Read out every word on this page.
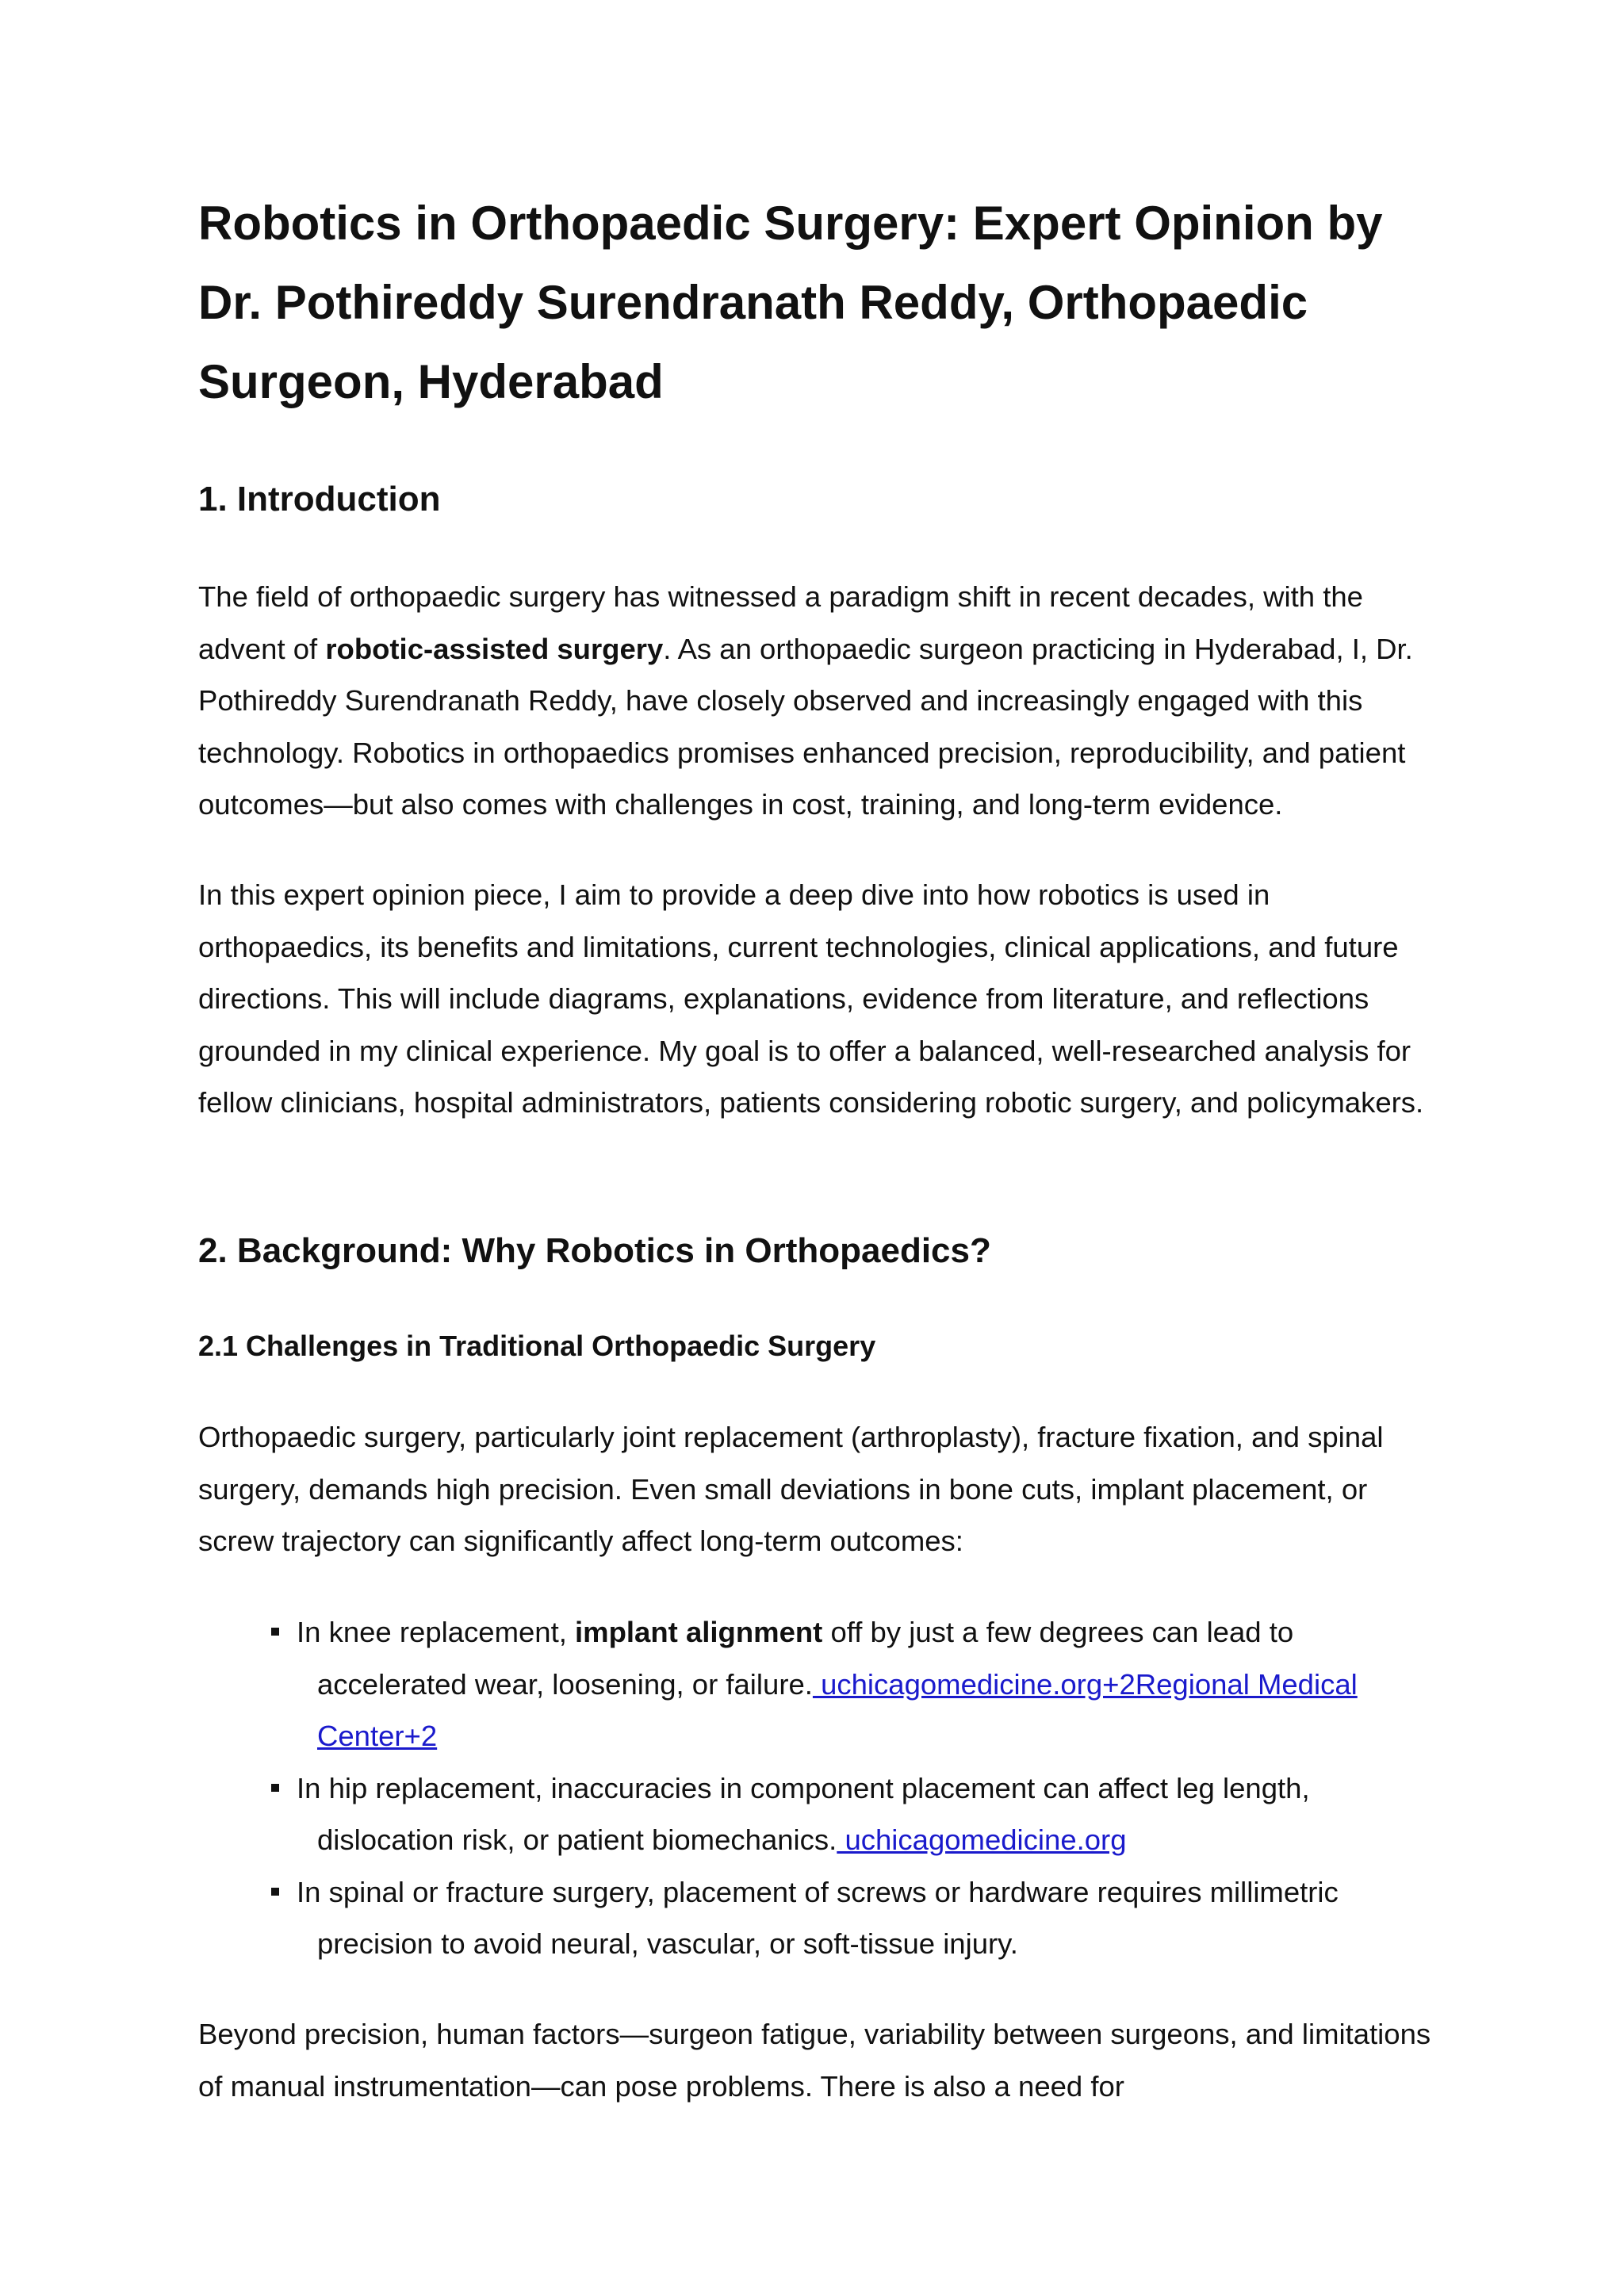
Robotics in Orthopaedic Surgery: Expert Opinion by Dr. Pothireddy Surendranath Reddy, Orthopaedic Surgeon, Hyderabad
1. Introduction

The field of orthopaedic surgery has witnessed a paradigm shift in recent decades, with the advent of robotic-assisted surgery. As an orthopaedic surgeon practicing in Hyderabad, I, Dr. Pothireddy Surendranath Reddy, have closely observed and increasingly engaged with this technology. Robotics in orthopaedics promises enhanced precision, reproducibility, and patient outcomes—but also comes with challenges in cost, training, and long-term evidence.

In this expert opinion piece, I aim to provide a deep dive into how robotics is used in orthopaedics, its benefits and limitations, current technologies, clinical applications, and future directions. This will include diagrams, explanations, evidence from literature, and reflections grounded in my clinical experience. My goal is to offer a balanced, well-researched analysis for fellow clinicians, hospital administrators, patients considering robotic surgery, and policymakers.

2. Background: Why Robotics in Orthopaedics?
2.1 Challenges in Traditional Orthopaedic Surgery

Orthopaedic surgery, particularly joint replacement (arthroplasty), fracture fixation, and spinal surgery, demands high precision. Even small deviations in bone cuts, implant placement, or screw trajectory can significantly affect long-term outcomes:

In knee replacement, implant alignment off by just a few degrees can lead to accelerated wear, loosening, or failure. uchicagomedicine.org+2Regional Medical Center+2
In hip replacement, inaccuracies in component placement can affect leg length, dislocation risk, or patient biomechanics. uchicagomedicine.org
In spinal or fracture surgery, placement of screws or hardware requires millimetric precision to avoid neural, vascular, or soft-tissue injury.

Beyond precision, human factors—surgeon fatigue, variability between surgeons, and limitations of manual instrumentation—can pose problems. There is also a need for
